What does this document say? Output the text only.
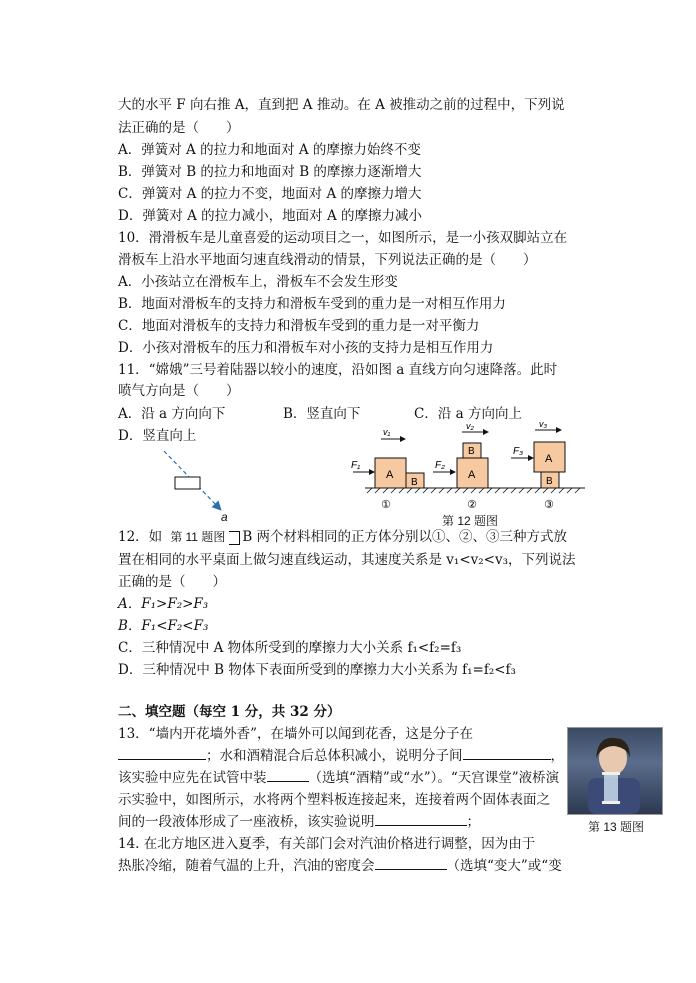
大的水平 F 向右推 A，直到把 A 推动。在 A 被推动之前的过程中，下列说
法正确的是（　　）
A．弹簧对 A 的拉力和地面对 A 的摩擦力始终不变
B．弹簧对 B 的拉力和地面对 B 的摩擦力逐渐增大
C．弹簧对 A 的拉力不变，地面对 A 的摩擦力增大
D．弹簧对 A 的拉力减小，地面对 A 的摩擦力减小
10．滑滑板车是儿童喜爱的运动项目之一，如图所示，是一小孩双脚站立在
滑板车上沿水平地面匀速直线滑动的情景，下列说法正确的是（　　）
A．小孩站立在滑板车上，滑板车不会发生形变
B．地面对滑板车的支持力和滑板车受到的重力是一对相互作用力
C．地面对滑板车的支持力和滑板车受到的重力是一对平衡力
D．小孩对滑板车的压力和滑板车对小孩的支持力是相互作用力
11．“嫦娥”三号着陆器以较小的速度，沿如图 a 直线方向匀速降落。此时
喷气方向是（　　）
A．沿 a 方向向下	B．竖直向下	C．沿 a 方向向上
D．竖直向上
a
F₁
A
B
v₁
①
F₂
A
B
v₂
②
F₃
A
B
v₃
③
第 12 题图
12．如 第 11 题图 B 两个材料相同的正方体分别以①、②、③三种方式放
置在相同的水平桌面上做匀速直线运动，其速度关系是 v₁<v₂<v₃，下列说法
正确的是（　　）
A．F₁>F₂>F₃
B．F₁<F₂<F₃
C．三种情况中 A 物体所受到的摩擦力大小关系 f₁<f₂=f₃
D．三种情况中 B 物体下表面所受到的摩擦力大小关系为 f₁=f₂<f₃
二、填空题（每空 1 分，共 32 分）
13．“墙内开花墙外香”，在墙外可以闻到花香，这是分子在
；水和酒精混合后总体积减小，说明分子间	，
该实验中应先在试管中装	（选填“酒精”或“水”）。“天宫课堂”液桥演
示实验中，如图所示，水将两个塑料板连接起来，连接着两个固体表面之
间的一段液体形成了一座液桥，该实验说明	；	第 13 题图
14. 在北方地区进入夏季，有关部门会对汽油价格进行调整，因为由于
热胀冷缩，随着气温的上升，汽油的密度会	（选填“变大”或“变
